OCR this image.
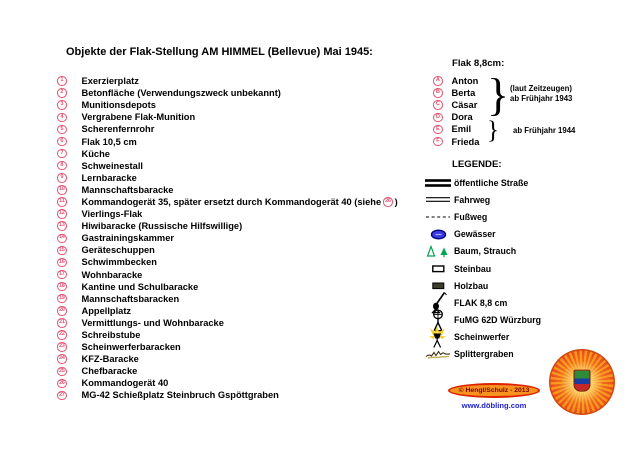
Objekte der Flak-Stellung AM HIMMEL (Bellevue) Mai 1945:
1	Exerzierplatz
2	Betonfläche (Verwendungszweck unbekannt)
3	Munitionsdepots
4	Vergrabene Flak-Munition
5	Scherenfernrohr
6	Flak 10,5 cm
7	Küche
8	Schweinestall
9	Lernbaracke
10 Mannschaftsbaracke
11 Kommandogerät 35, später ersetzt durch Kommandogerät 40 (siehe 26 )
12 Vierlings-Flak
13 Hiwibaracke (Russische Hilfswillige)
14 Gastrainingskammer
15 Geräteschuppen
16 Schwimmbecken
17 Wohnbaracke
18 Kantine und Schulbaracke
19 Mannschaftsbaracken
20 Appellplatz
21 Vermittlungs- und Wohnbaracke
22 Schreibstube
23 Scheinwerferbaracken
24 KFZ-Baracke
25 Chefbaracke
26 Kommandogerät 40
27 MG-42 Schießplatz Steinbruch Gspöttgraben
Flak 8,8cm:
A	Anton
B	Berta
C	Cäsar
D	Dora
E	Emil
F	Frieda
} (laut Zeitzeugen)
ab Frühjahr 1943
} ab Frühjahr 1944
LEGENDE:
öffentliche Straße
Fahrweg
Fußweg
Gewässer
Baum, Strauch
Steinbau
Holzbau
FLAK 8,8 cm
FuMG 62D Würzburg
Scheinwerfer
Splittergraben
© Hengl/Schulz - 2013
www.döbling.com
